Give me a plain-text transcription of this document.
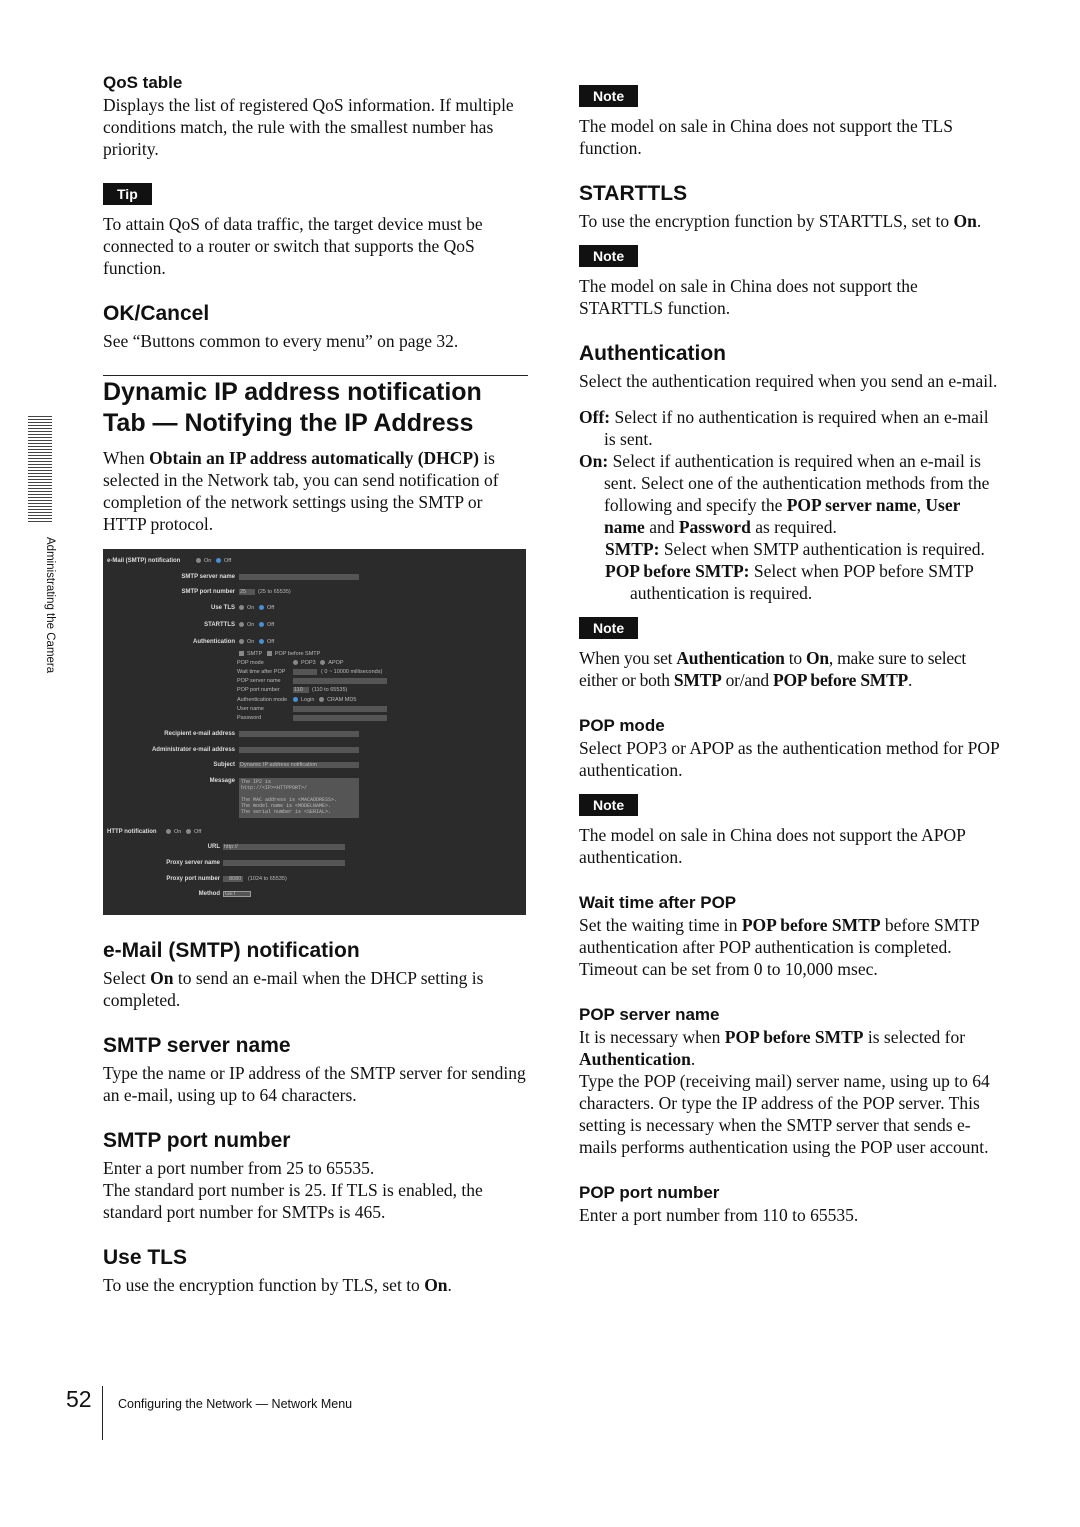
Administrating the Camera
QoS table

Displays the list of registered QoS information. If multiple conditions match, the rule with the smallest number has priority.

Tip

To attain QoS of data traffic, the target device must be connected to a router or switch that supports the QoS function.

OK/Cancel

See “Buttons common to every menu” on page 32.

Dynamic IP address notification
Tab — Notifying the IP Address

When Obtain an IP address automatically (DHCP) is selected in the Network tab, you can send notification of completion of the network settings using the SMTP or HTTP protocol.

e-Mail (SMTP) notification	On Off
SMTP server name
SMTP port number 25 (25 to 65535)
Use TLS	On Off
STARTTLS	On Off
Authentication	On Off
SMTP POP before SMTP
POP mode	POP3 APOP
Wait time after POP	( 0 ~ 10000 milliseconds)
POP server name
POP port number	110 (110 to 65535)
Authentication mode	Login CRAM MD5
User name
Password
Recipient e-mail address
Administrator e-mail address
Subject Dynamic IP address notification
Message The IP2 is
http://<IP><HTTPPORT>/

The MAC address is <MACADDRESS>.
The model name is <MODELNAME>.
The serial number is <SERIAL>.
HTTP notification	On Off
URL http://
Proxy server name
Proxy port number 8080 (1024 to 65535)
Method GET
e-Mail (SMTP) notification

Select On to send an e-mail when the DHCP setting is completed.

SMTP server name

Type the name or IP address of the SMTP server for sending an e-mail, using up to 64 characters.

SMTP port number

Enter a port number from 25 to 65535.

The standard port number is 25. If TLS is enabled, the standard port number for SMTPs is 465.

Use TLS

To use the encryption function by TLS, set to On.

Note

The model on sale in China does not support the TLS function.

STARTTLS

To use the encryption function by STARTTLS, set to On.

Note

The model on sale in China does not support the STARTTLS function.

Authentication

Select the authentication required when you send an e-mail.

Off: Select if no authentication is required when an e-mail is sent.

On: Select if authentication is required when an e-mail is sent. Select one of the authentication methods from the following and specify the POP server name, User name and Password as required.

SMTP: Select when SMTP authentication is required.

POP before SMTP: Select when POP before SMTP authentication is required.

Note

When you set Authentication to On, make sure to select either or both SMTP or/and POP before SMTP.

POP mode

Select POP3 or APOP as the authentication method for POP authentication.

Note

The model on sale in China does not support the APOP authentication.

Wait time after POP

Set the waiting time in POP before SMTP before SMTP authentication after POP authentication is completed. Timeout can be set from 0 to 10,000 msec.

POP server name

It is necessary when POP before SMTP is selected for Authentication.

Type the POP (receiving mail) server name, using up to 64 characters. Or type the IP address of the POP server. This setting is necessary when the SMTP server that sends e-mails performs authentication using the POP user account.

POP port number

Enter a port number from 110 to 65535.

52 Configuring the Network — Network Menu
